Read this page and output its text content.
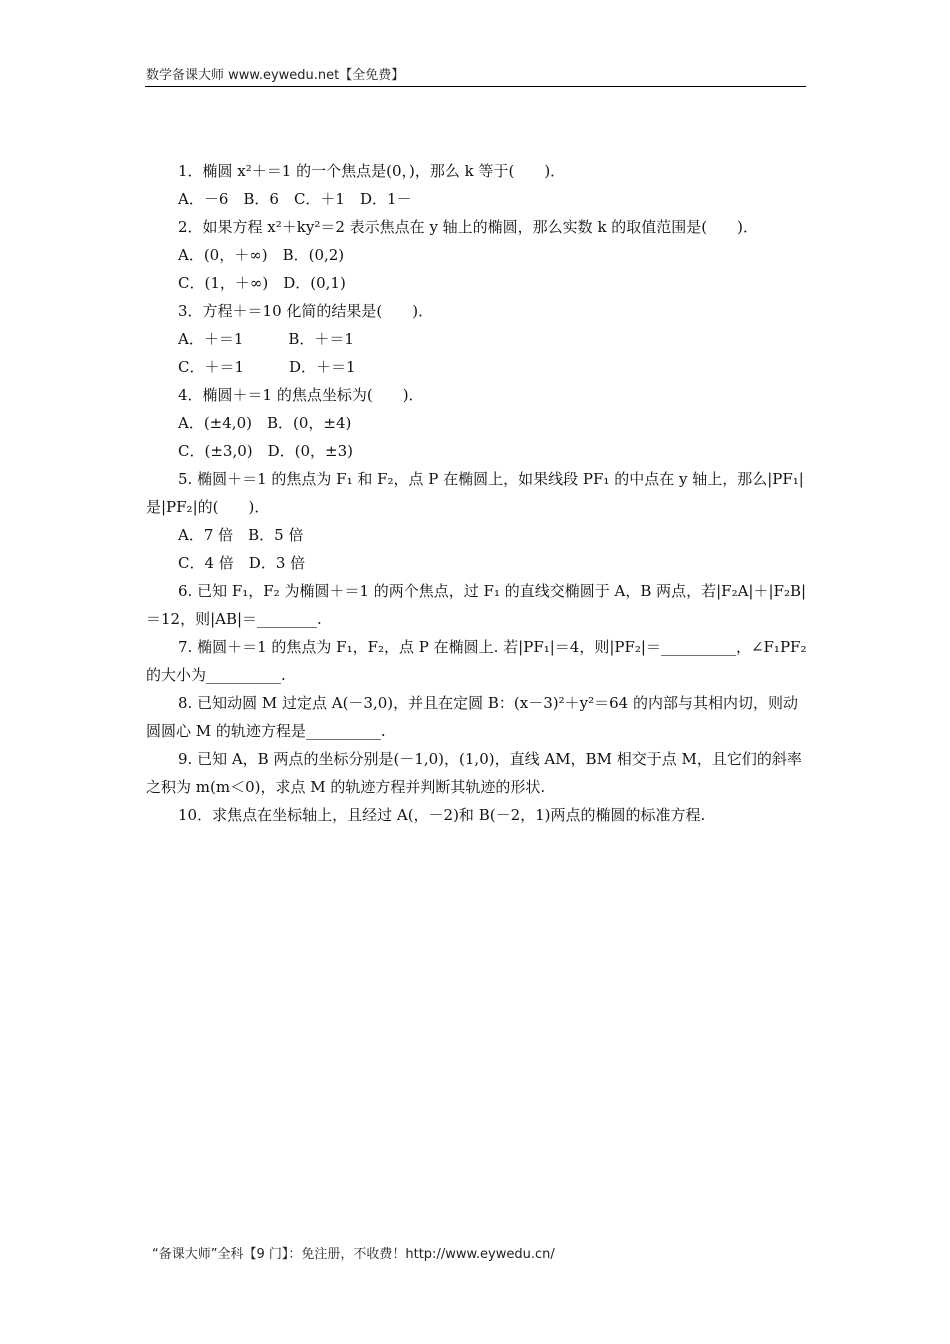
数学备课大师 www.eywedu.net【全免费】
1．椭圆 x²＋＝1 的一个焦点是(0，)，那么 k 等于(　　)．
A．－6　B．6　C．＋1　D．1－
2．如果方程 x²＋ky²＝2 表示焦点在 y 轴上的椭圆，那么实数 k 的取值范围是(　　)．
A．(0，＋∞)　B．(0,2)
C．(1，＋∞)　D．(0,1)
3．方程＋＝10 化简的结果是(　　)．
A．＋＝1　　　B．＋＝1
C．＋＝1　　　D．＋＝1
4．椭圆＋＝1 的焦点坐标为(　　)．
A．(±4,0)　B．(0，±4)
C．(±3,0)　D．(0，±3)
5. 椭圆＋＝1 的焦点为 F₁ 和 F₂，点 P 在椭圆上，如果线段 PF₁ 的中点在 y 轴上，那么|PF₁|
是|PF₂|的(　　)．
A．7 倍　B．5 倍
C．4 倍　D．3 倍
6. 已知 F₁，F₂ 为椭圆＋＝1 的两个焦点，过 F₁ 的直线交椭圆于 A，B 两点，若|F₂A|＋|F₂B|
＝12，则|AB|＝________.
7. 椭圆＋＝1 的焦点为 F₁，F₂，点 P 在椭圆上. 若|PF₁|＝4，则|PF₂|＝__________，∠F₁PF₂
的大小为__________.
8. 已知动圆 M 过定点 A(－3,0)，并且在定圆 B：(x－3)²＋y²＝64 的内部与其相内切，则动
圆圆心 M 的轨迹方程是__________.
9. 已知 A，B 两点的坐标分别是(－1,0)，(1,0)，直线 AM，BM 相交于点 M，且它们的斜率
之积为 m(m＜0)，求点 M 的轨迹方程并判断其轨迹的形状.
10．求焦点在坐标轴上，且经过 A(，－2)和 B(－2，1)两点的椭圆的标准方程.
“备课大师”全科【9 门】：免注册，不收费！http://www.eywedu.cn/
